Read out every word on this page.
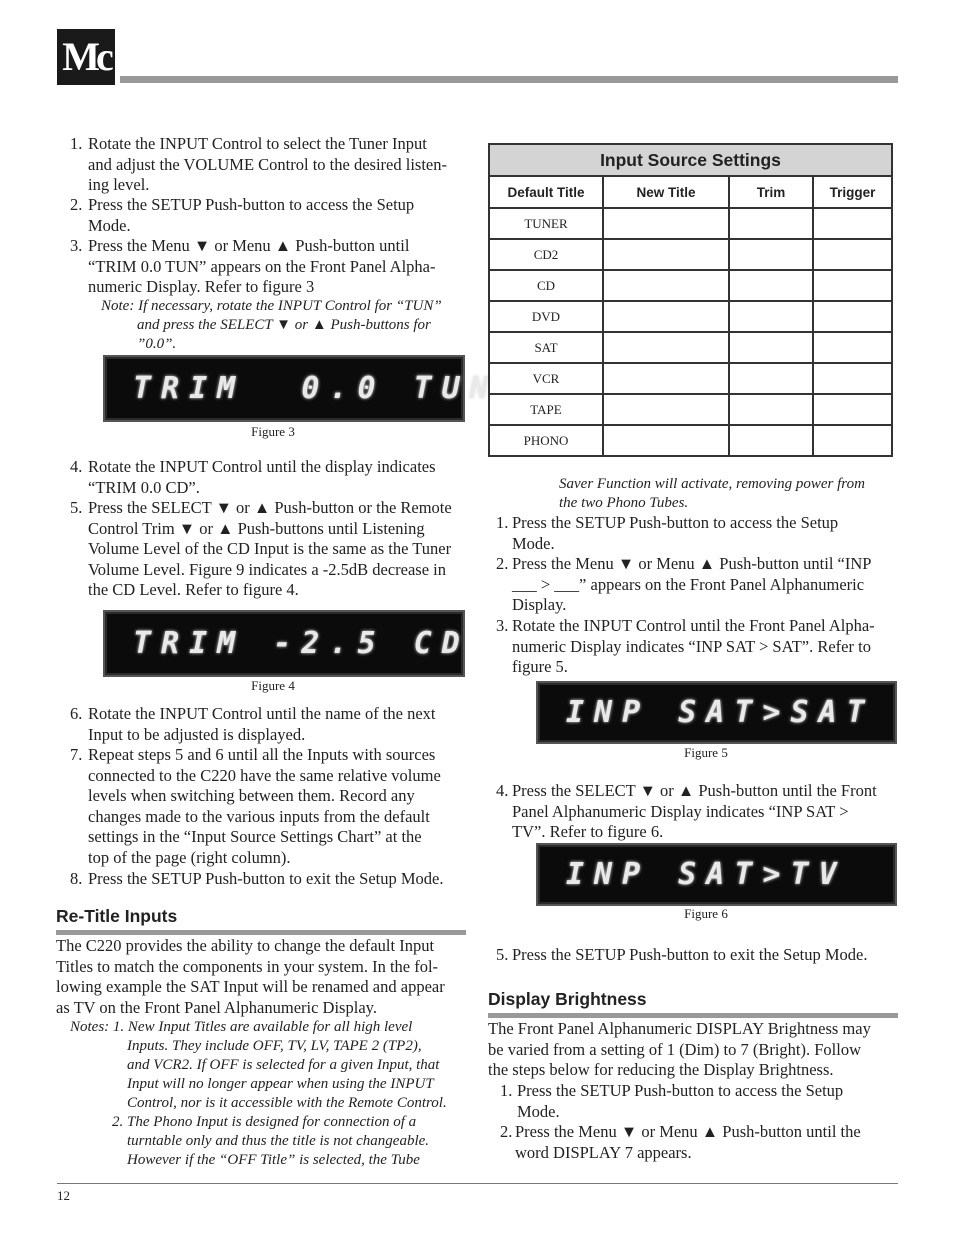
Mc
1. Rotate the INPUT Control to select the Tuner Input
and adjust the VOLUME Control to the desired listen-
ing level.
2. Press the SETUP Push-button to access the Setup
Mode.
3. Press the Menu ▼ or Menu ▲ Push-button until
“TRIM 0.0 TUN” appears on the Front Panel Alpha-
numeric Display. Refer to figure 3
Note: If necessary, rotate the INPUT Control for “TUN”
and press the SELECT ▼ or ▲ Push-buttons for
”0.0”.
TRIM  0.0 TUN
Figure 3
4. Rotate the INPUT Control until the display indicates
“TRIM 0.0 CD”.
5. Press the SELECT ▼ or ▲ Push-button or the Remote
Control Trim ▼ or ▲ Push-buttons until Listening
Volume Level of the CD Input is the same as the Tuner
Volume Level. Figure 9 indicates a -2.5dB decrease in
the CD Level. Refer to figure 4.
TRIM -2.5 CD
Figure 4
6. Rotate the INPUT Control until the name of the next
Input to be adjusted is displayed.
7. Repeat steps 5 and 6 until all the Inputs with sources
connected to the C220 have the same relative volume
levels when switching between them. Record any
changes made to the various inputs from the default
settings in the “Input Source Settings Chart” at the
top of the page (right column).
8. Press the SETUP Push-button to exit the Setup Mode.
Re-Title Inputs
The C220 provides the ability to change the default Input
Titles to match the components in your system. In the fol-
lowing example the SAT Input will be renamed and appear
as TV on the Front Panel Alphanumeric Display.
Notes: 1. New Input Titles are available for all high level
Inputs. They include OFF, TV, LV, TAPE 2 (TP2),
and VCR2. If OFF is selected for a given Input, that
Input will no longer appear when using the INPUT
Control, nor is it accessible with the Remote Control.
2. The Phono Input is designed for connection of a
turntable only and thus the title is not changeable.
However if the “OFF Title” is selected, the Tube
Input Source Settings			
Default Title	New Title	Trim	Trigger
TUNER			
CD2			
CD			
DVD			
SAT			
VCR			
TAPE			
PHONO			
Saver Function will activate, removing power from
the two Phono Tubes.
1. Press the SETUP Push-button to access the Setup
Mode.
2. Press the Menu ▼ or Menu ▲ Push-button until “INP
___ > ___” appears on the Front Panel Alphanumeric
Display.
3. Rotate the INPUT Control until the Front Panel Alpha-
numeric Display indicates “INP SAT > SAT”. Refer to
figure 5.
INP SAT>SAT
Figure 5
4. Press the SELECT ▼ or ▲ Push-button until the Front
Panel Alphanumeric Display indicates “INP SAT >
TV”. Refer to figure 6.
INP SAT>TV
Figure 6
5. Press the SETUP Push-button to exit the Setup Mode.
Display Brightness
The Front Panel Alphanumeric DISPLAY Brightness may
be varied from a setting of 1 (Dim) to 7 (Bright). Follow
the steps below for reducing the Display Brightness.
1. Press the SETUP Push-button to access the Setup
Mode.
2. Press the Menu ▼ or Menu ▲ Push-button until the
word DISPLAY 7 appears.
12
